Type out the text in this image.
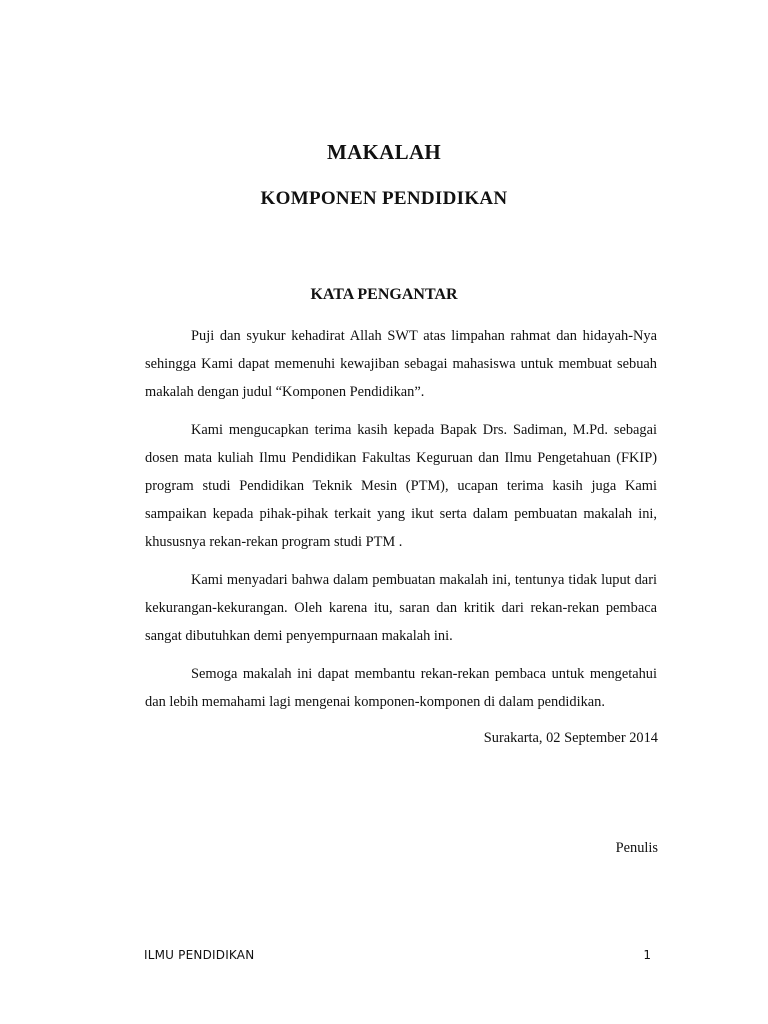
MAKALAH
KOMPONEN PENDIDIKAN
KATA PENGANTAR

Puji dan syukur kehadirat Allah SWT atas limpahan rahmat dan hidayah-Nya sehingga Kami dapat memenuhi kewajiban sebagai mahasiswa untuk membuat sebuah makalah dengan judul “Komponen Pendidikan”.

Kami mengucapkan terima kasih kepada Bapak Drs. Sadiman, M.Pd. sebagai dosen mata kuliah Ilmu Pendidikan Fakultas Keguruan dan Ilmu Pengetahuan (FKIP) program studi Pendidikan Teknik Mesin (PTM), ucapan terima kasih juga Kami sampaikan kepada pihak-pihak terkait yang ikut serta dalam pembuatan makalah ini, khususnya rekan-rekan program studi PTM .

Kami menyadari bahwa dalam pembuatan makalah ini, tentunya tidak luput dari kekurangan-kekurangan. Oleh karena itu, saran dan kritik dari rekan-rekan pembaca sangat dibutuhkan demi penyempurnaan makalah ini.

Semoga makalah ini dapat membantu rekan-rekan pembaca untuk mengetahui dan lebih memahami lagi mengenai komponen-komponen di dalam pendidikan.

Surakarta, 02 September 2014
Penulis
ILMU PENDIDIKAN	1
